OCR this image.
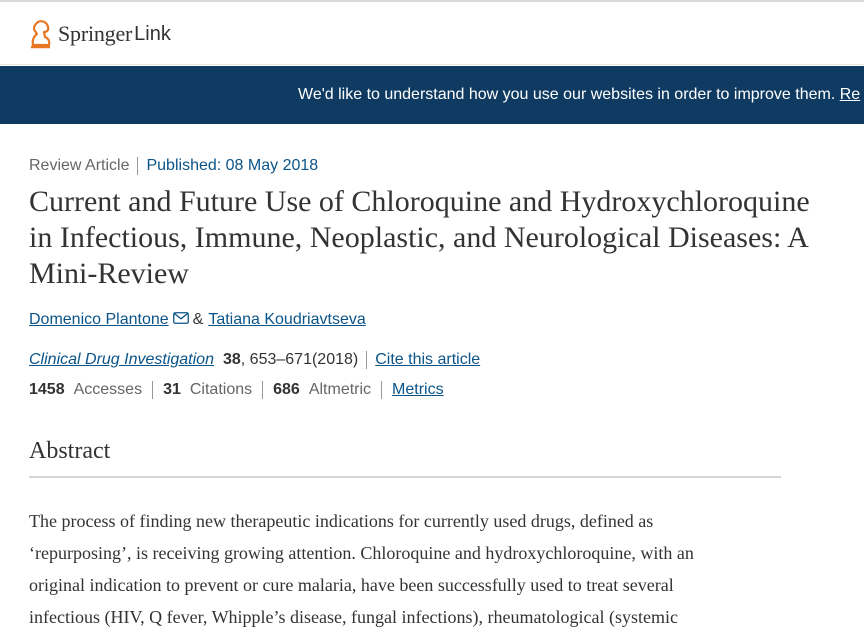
Springer Link
We'd like to understand how you use our websites in order to improve them. Re
Review Article Published: 08 May 2018
Current and Future Use of Chloroquine and Hydroxychloroquine in Infectious, Immune, Neoplastic, and Neurological Diseases: A Mini-Review
Domenico Plantone & Tatiana Koudriavtseva
Clinical Drug Investigation 38 , 653–671 (2018) Cite this article
1458 Accesses 31 Citations 686 Altmetric Metrics
Abstract

The process of finding new therapeutic indications for currently used drugs, defined as
‘repurposing’, is receiving growing attention. Chloroquine and hydroxychloroquine, with an
original indication to prevent or cure malaria, have been successfully used to treat several
infectious (HIV, Q fever, Whipple’s disease, fungal infections), rheumatological (systemic
